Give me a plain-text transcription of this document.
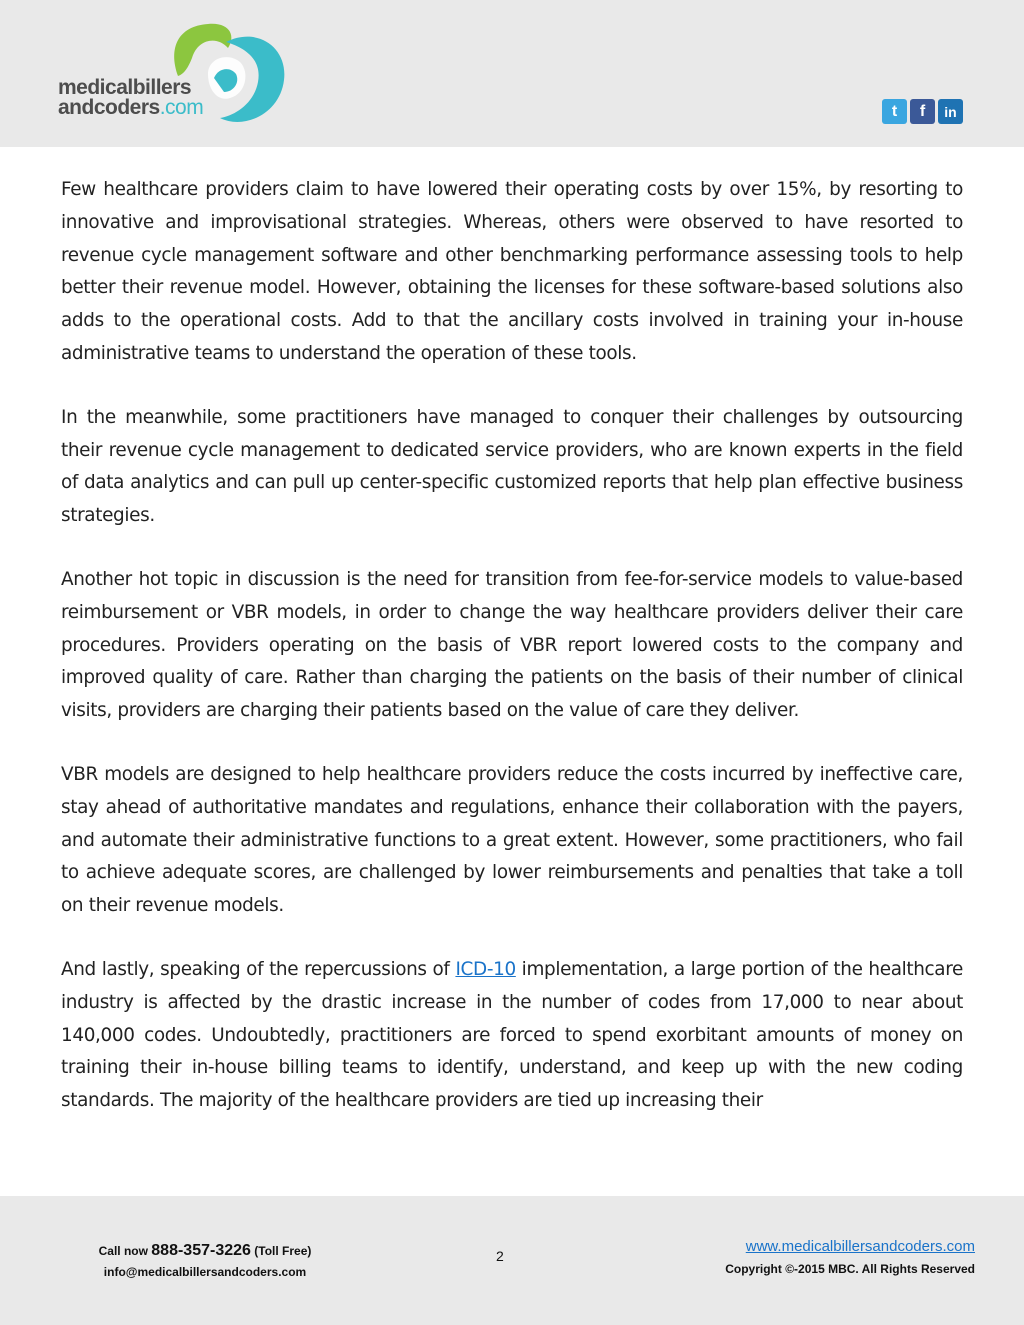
medicalbillers
andcoders.com	t	f	in

Few healthcare providers claim to have lowered their operating costs by over 15%, by resorting to innovative and improvisational strategies. Whereas, others were observed to have resorted to revenue cycle management software and other benchmarking performance assessing tools to help better their revenue model. However, obtaining the licenses for these software-based solutions also adds to the operational costs. Add to that the ancillary costs involved in training your in-house administrative teams to understand the operation of these tools.

In the meanwhile, some practitioners have managed to conquer their challenges by outsourcing their revenue cycle management to dedicated service providers, who are known experts in the field of data analytics and can pull up center-specific customized reports that help plan effective business strategies.

Another hot topic in discussion is the need for transition from fee-for-service models to value-based reimbursement or VBR models, in order to change the way healthcare providers deliver their care procedures. Providers operating on the basis of VBR report lowered costs to the company and improved quality of care. Rather than charging the patients on the basis of their number of clinical visits, providers are charging their patients based on the value of care they deliver.

VBR models are designed to help healthcare providers reduce the costs incurred by ineffective care, stay ahead of authoritative mandates and regulations, enhance their collaboration with the payers, and automate their administrative functions to a great extent. However, some practitioners, who fail to achieve adequate scores, are challenged by lower reimbursements and penalties that take a toll on their revenue models.

And lastly, speaking of the repercussions of ICD-10 implementation, a large portion of the healthcare industry is affected by the drastic increase in the number of codes from 17,000 to near about 140,000 codes. Undoubtedly, practitioners are forced to spend exorbitant amounts of money on training their in-house billing teams to identify, understand, and keep up with the new coding standards. The majority of the healthcare providers are tied up increasing their

Call now 888-357-3226 (Toll Free)
info@medicalbillersandcoders.com
2
www.medicalbillersandcoders.com
Copyright ©-2015 MBC. All Rights Reserved
